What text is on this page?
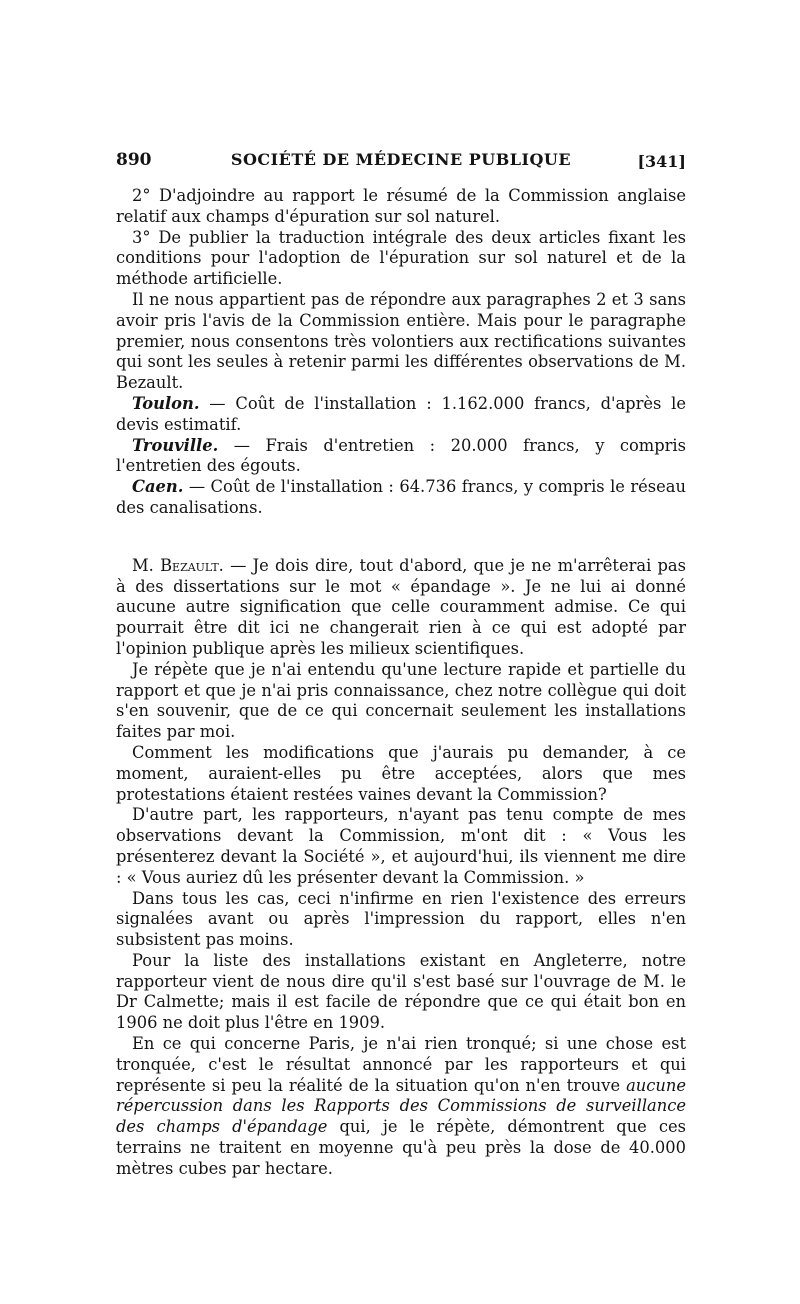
890	SOCIÉTÉ DE MÉDECINE PUBLIQUE	[341]

2° D'adjoindre au rapport le résumé de la Commission anglaise relatif aux champs d'épuration sur sol naturel.

3° De publier la traduction intégrale des deux articles fixant les conditions pour l'adoption de l'épuration sur sol naturel et de la méthode artificielle.

Il ne nous appartient pas de répondre aux paragraphes 2 et 3 sans avoir pris l'avis de la Commission entière. Mais pour le paragraphe premier, nous consentons très volontiers aux rectifications suivantes qui sont les seules à retenir parmi les différentes observations de M. Bezault.

Toulon. — Coût de l'installation : 1.162.000 francs, d'après le devis estimatif.

Trouville. — Frais d'entretien : 20.000 francs, y compris l'entretien des égouts.

Caen. — Coût de l'installation : 64.736 francs, y compris le réseau des canalisations.

M. Bezault. — Je dois dire, tout d'abord, que je ne m'arrêterai pas à des dissertations sur le mot « épandage ». Je ne lui ai donné aucune autre signification que celle couramment admise. Ce qui pourrait être dit ici ne changerait rien à ce qui est adopté par l'opinion publique après les milieux scientifiques.

Je répète que je n'ai entendu qu'une lecture rapide et partielle du rapport et que je n'ai pris connaissance, chez notre collègue qui doit s'en souvenir, que de ce qui concernait seulement les installations faites par moi.

Comment les modifications que j'aurais pu demander, à ce moment, auraient-elles pu être acceptées, alors que mes protestations étaient restées vaines devant la Commission?

D'autre part, les rapporteurs, n'ayant pas tenu compte de mes observations devant la Commission, m'ont dit : « Vous les présenterez devant la Société », et aujourd'hui, ils viennent me dire : « Vous auriez dû les présenter devant la Commission. »

Dans tous les cas, ceci n'infirme en rien l'existence des erreurs signalées avant ou après l'impression du rapport, elles n'en subsistent pas moins.

Pour la liste des installations existant en Angleterre, notre rapporteur vient de nous dire qu'il s'est basé sur l'ouvrage de M. le Dr Calmette; mais il est facile de répondre que ce qui était bon en 1906 ne doit plus l'être en 1909.

En ce qui concerne Paris, je n'ai rien tronqué; si une chose est tronquée, c'est le résultat annoncé par les rapporteurs et qui représente si peu la réalité de la situation qu'on n'en trouve aucune répercussion dans les Rapports des Commissions de surveillance des champs d'épandage qui, je le répète, démontrent que ces terrains ne traitent en moyenne qu'à peu près la dose de 40.000 mètres cubes par hectare.
